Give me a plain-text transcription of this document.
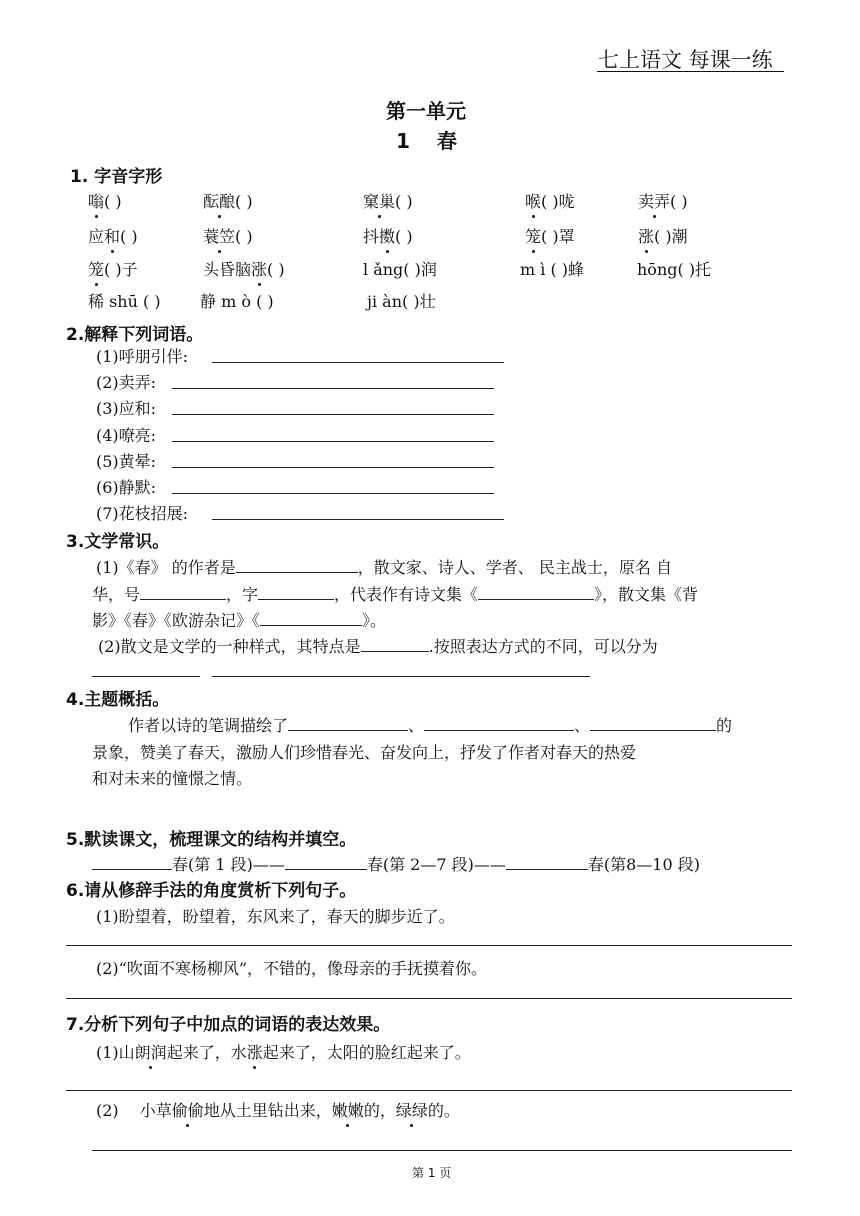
七上语文 每课一练
第一单元
1　 春
1. 字音字形
嗡( )	酝酿( )	窠巢( )	喉( )咙	卖弄( )
应和( )	蓑笠( )	抖擞( )	笼( )罩	涨( )潮
笼( )子	头昏脑涨( )	l ǎng( )润	m ì ( )蜂	hōng( )托
稀 shū ( ) 静 m ò ( )	ji àn( )壮
2.解释下列词语。
(1)呼朋引伴:
(2)卖弄:
(3)应和:
(4)嘹亮:
(5)黄晕:
(6)静默:
(7)花枝招展:
3.文学常识。
(1)《春》 的作者是	，散文家、诗人、学者、 民主战士，原名 自
华，号	，字	，代表作有诗文集《	》，散文集《背
影》《春》《欧游杂记》《	》。
(2)散文是文学的一种样式，其特点是	.按照表达方式的不同，可以分为
4.主题概括。
作者以诗的笔调描绘了	、	、	的
景象，赞美了春天，激励人们珍惜春光、奋发向上，抒发了作者对春天的热爱
和对未来的憧憬之情。
5.默读课文，梳理课文的结构并填空。
春(第 1 段)——	春(第 2—7 段)——	春(第8—10 段)
6.请从修辞手法的角度赏析下列句子。
(1)盼望着，盼望着，东风来了，春天的脚步近了。
(2)“吹面不寒杨柳风”，不错的，像母亲的手抚摸着你。
7.分析下列句子中加点的词语的表达效果。
(1)山朗润起来了，水涨起来了，太阳的脸红起来了。
(2)　 小草偷偷地从土里钻出来，嫩嫩的，绿绿的。
第 1 页
